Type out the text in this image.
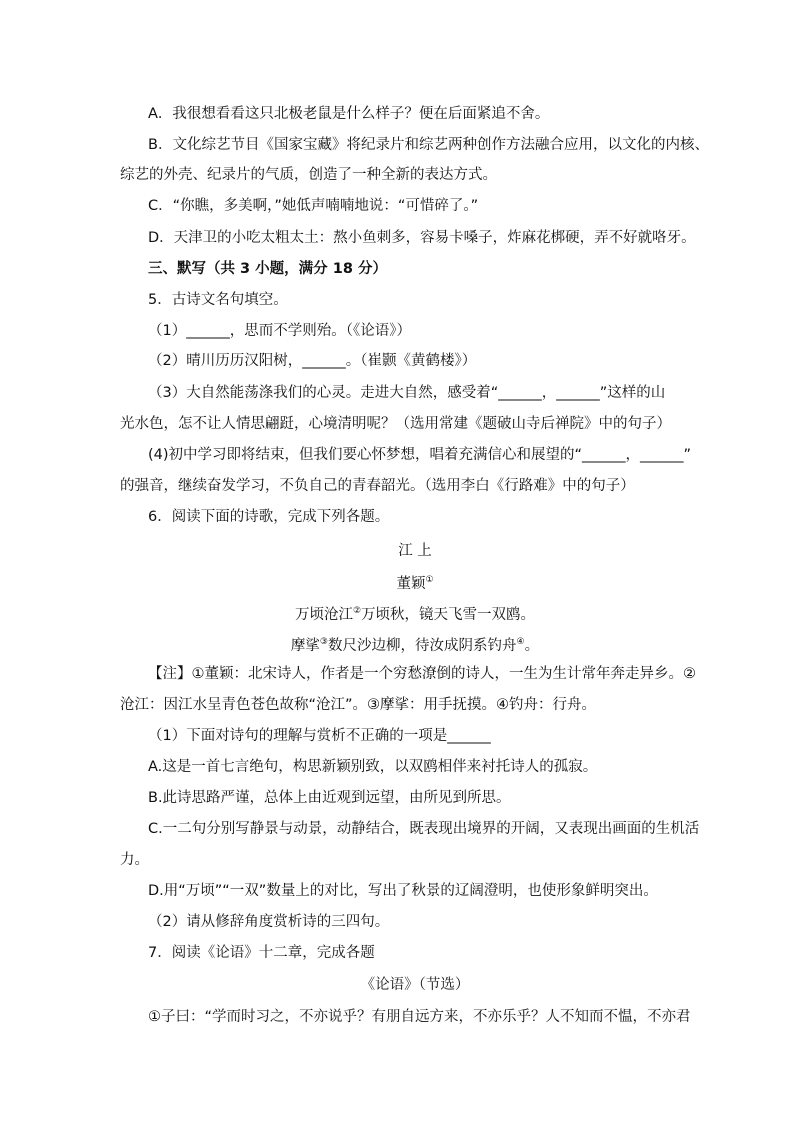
A．我很想看看这只北极老鼠是什么样子？便在后面紧追不舍。
B．文化综艺节目《国家宝藏》将纪录片和综艺两种创作方法融合应用，以文化的内核、
综艺的外壳、纪录片的气质，创造了一种全新的表达方式。
C．“你瞧，多美啊，”她低声喃喃地说：“可惜碎了。”
D．天津卫的小吃太粗太土：熬小鱼刺多，容易卡嗓子，炸麻花梆硬，弄不好就咯牙。
三、默写（共 3 小题，满分 18 分）
5．古诗文名句填空。
（1）______，思而不学则殆。（《论语》）
（2）晴川历历汉阳树，______。（崔颢《黄鹤楼》）
（3）大自然能荡涤我们的心灵。走进大自然，感受着“______，______”这样的山
光水色，怎不让人情思翩跹，心境清明呢？（选用常建《题破山寺后禅院》中的句子）
(4)初中学习即将结束，但我们要心怀梦想，唱着充满信心和展望的“______，______”
的强音，继续奋发学习，不负自己的青春韶光。（选用李白《行路难》中的句子）
6．阅读下面的诗歌，完成下列各题。
江 上
董颖①
万顷沧江②万顷秋，镜天飞雪一双鸥。
摩挲③数尺沙边柳，待汝成阴系钓舟④。
【注】①董颖：北宋诗人，作者是一个穷愁潦倒的诗人，一生为生计常年奔走异乡。②
沧江：因江水呈青色苍色故称“沧江”。③摩挲：用手抚摸。④钓舟：行舟。
（1）下面对诗句的理解与赏析不正确的一项是______
A.这是一首七言绝句，构思新颖别致，以双鸥相伴来衬托诗人的孤寂。
B.此诗思路严谨，总体上由近观到远望，由所见到所思。
C.一二句分别写静景与动景，动静结合，既表现出境界的开阔，又表现出画面的生机活
力。
D.用“万顷”“一双”数量上的对比，写出了秋景的辽阔澄明，也使形象鲜明突出。
（2）请从修辞角度赏析诗的三四句。
7．阅读《论语》十二章，完成各题
《论语》（节选）
①子曰：“学而时习之，不亦说乎？有朋自远方来，不亦乐乎？人不知而不愠，不亦君
